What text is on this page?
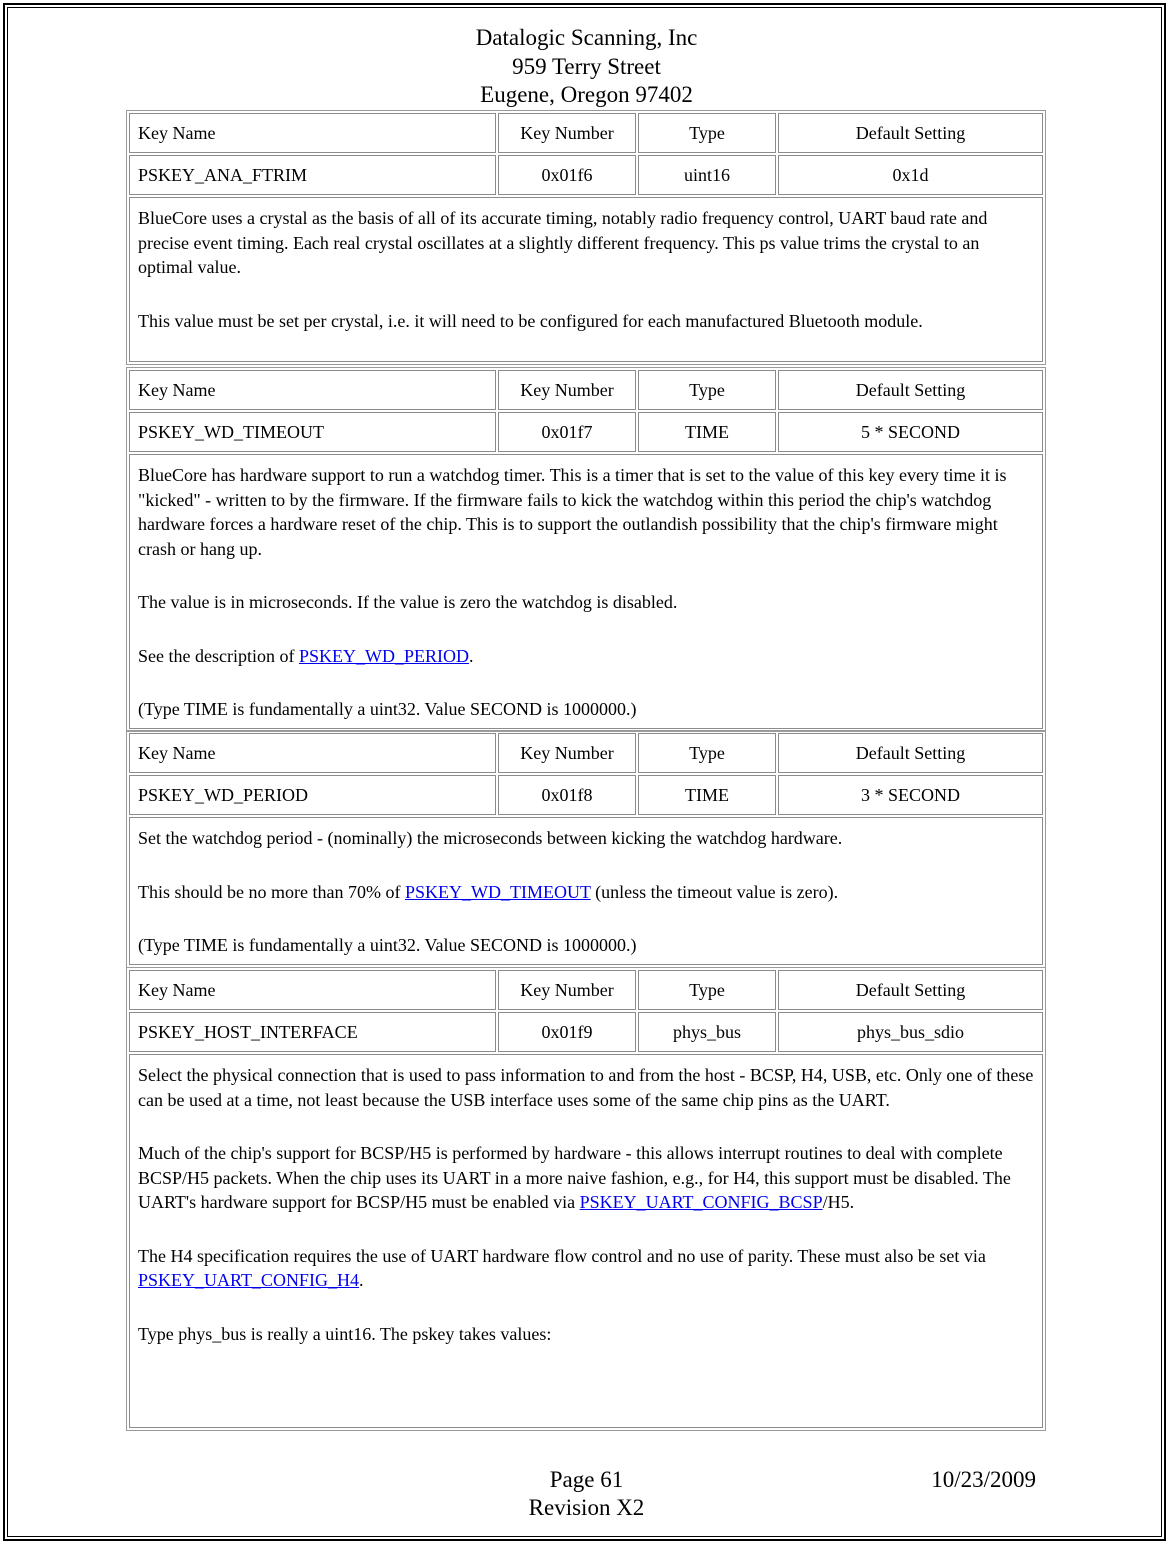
Datalogic Scanning, Inc
959 Terry Street
Eugene, Oregon 97402
Key Name	Key Number	Type	Default Setting
PSKEY_ANA_FTRIM	0x01f6	uint16	0x1d

BlueCore uses a crystal as the basis of all of its accurate timing, notably radio frequency control, UART baud rate and precise event timing. Each real crystal oscillates at a slightly different frequency. This ps value trims the crystal to an optimal value.

This value must be set per crystal, i.e. it will need to be configured for each manufactured Bluetooth module.			

Key Name	Key Number	Type	Default Setting
PSKEY_WD_TIMEOUT	0x01f7	TIME	5 * SECOND

BlueCore has hardware support to run a watchdog timer. This is a timer that is set to the value of this key every time it is "kicked" - written to by the firmware. If the firmware fails to kick the watchdog within this period the chip's watchdog hardware forces a hardware reset of the chip. This is to support the outlandish possibility that the chip's firmware might crash or hang up.

The value is in microseconds. If the value is zero the watchdog is disabled.

See the description of PSKEY_WD_PERIOD.

(Type TIME is fundamentally a uint32. Value SECOND is 1000000.)			

Key Name	Key Number	Type	Default Setting
PSKEY_WD_PERIOD	0x01f8	TIME	3 * SECOND

Set the watchdog period - (nominally) the microseconds between kicking the watchdog hardware.

This should be no more than 70% of PSKEY_WD_TIMEOUT (unless the timeout value is zero).

(Type TIME is fundamentally a uint32. Value SECOND is 1000000.)			

Key Name	Key Number	Type	Default Setting
PSKEY_HOST_INTERFACE	0x01f9	phys_bus	phys_bus_sdio

Select the physical connection that is used to pass information to and from the host - BCSP, H4, USB, etc. Only one of these can be used at a time, not least because the USB interface uses some of the same chip pins as the UART.

Much of the chip's support for BCSP/H5 is performed by hardware - this allows interrupt routines to deal with complete BCSP/H5 packets. When the chip uses its UART in a more naive fashion, e.g., for H4, this support must be disabled. The UART's hardware support for BCSP/H5 must be enabled via PSKEY_UART_CONFIG_BCSP/H5.

The H4 specification requires the use of UART hardware flow control and no use of parity. These must also be set via PSKEY_UART_CONFIG_H4.

Type phys_bus is really a uint16. The pskey takes values:			

Page 61	10/23/2009
Revision X2
